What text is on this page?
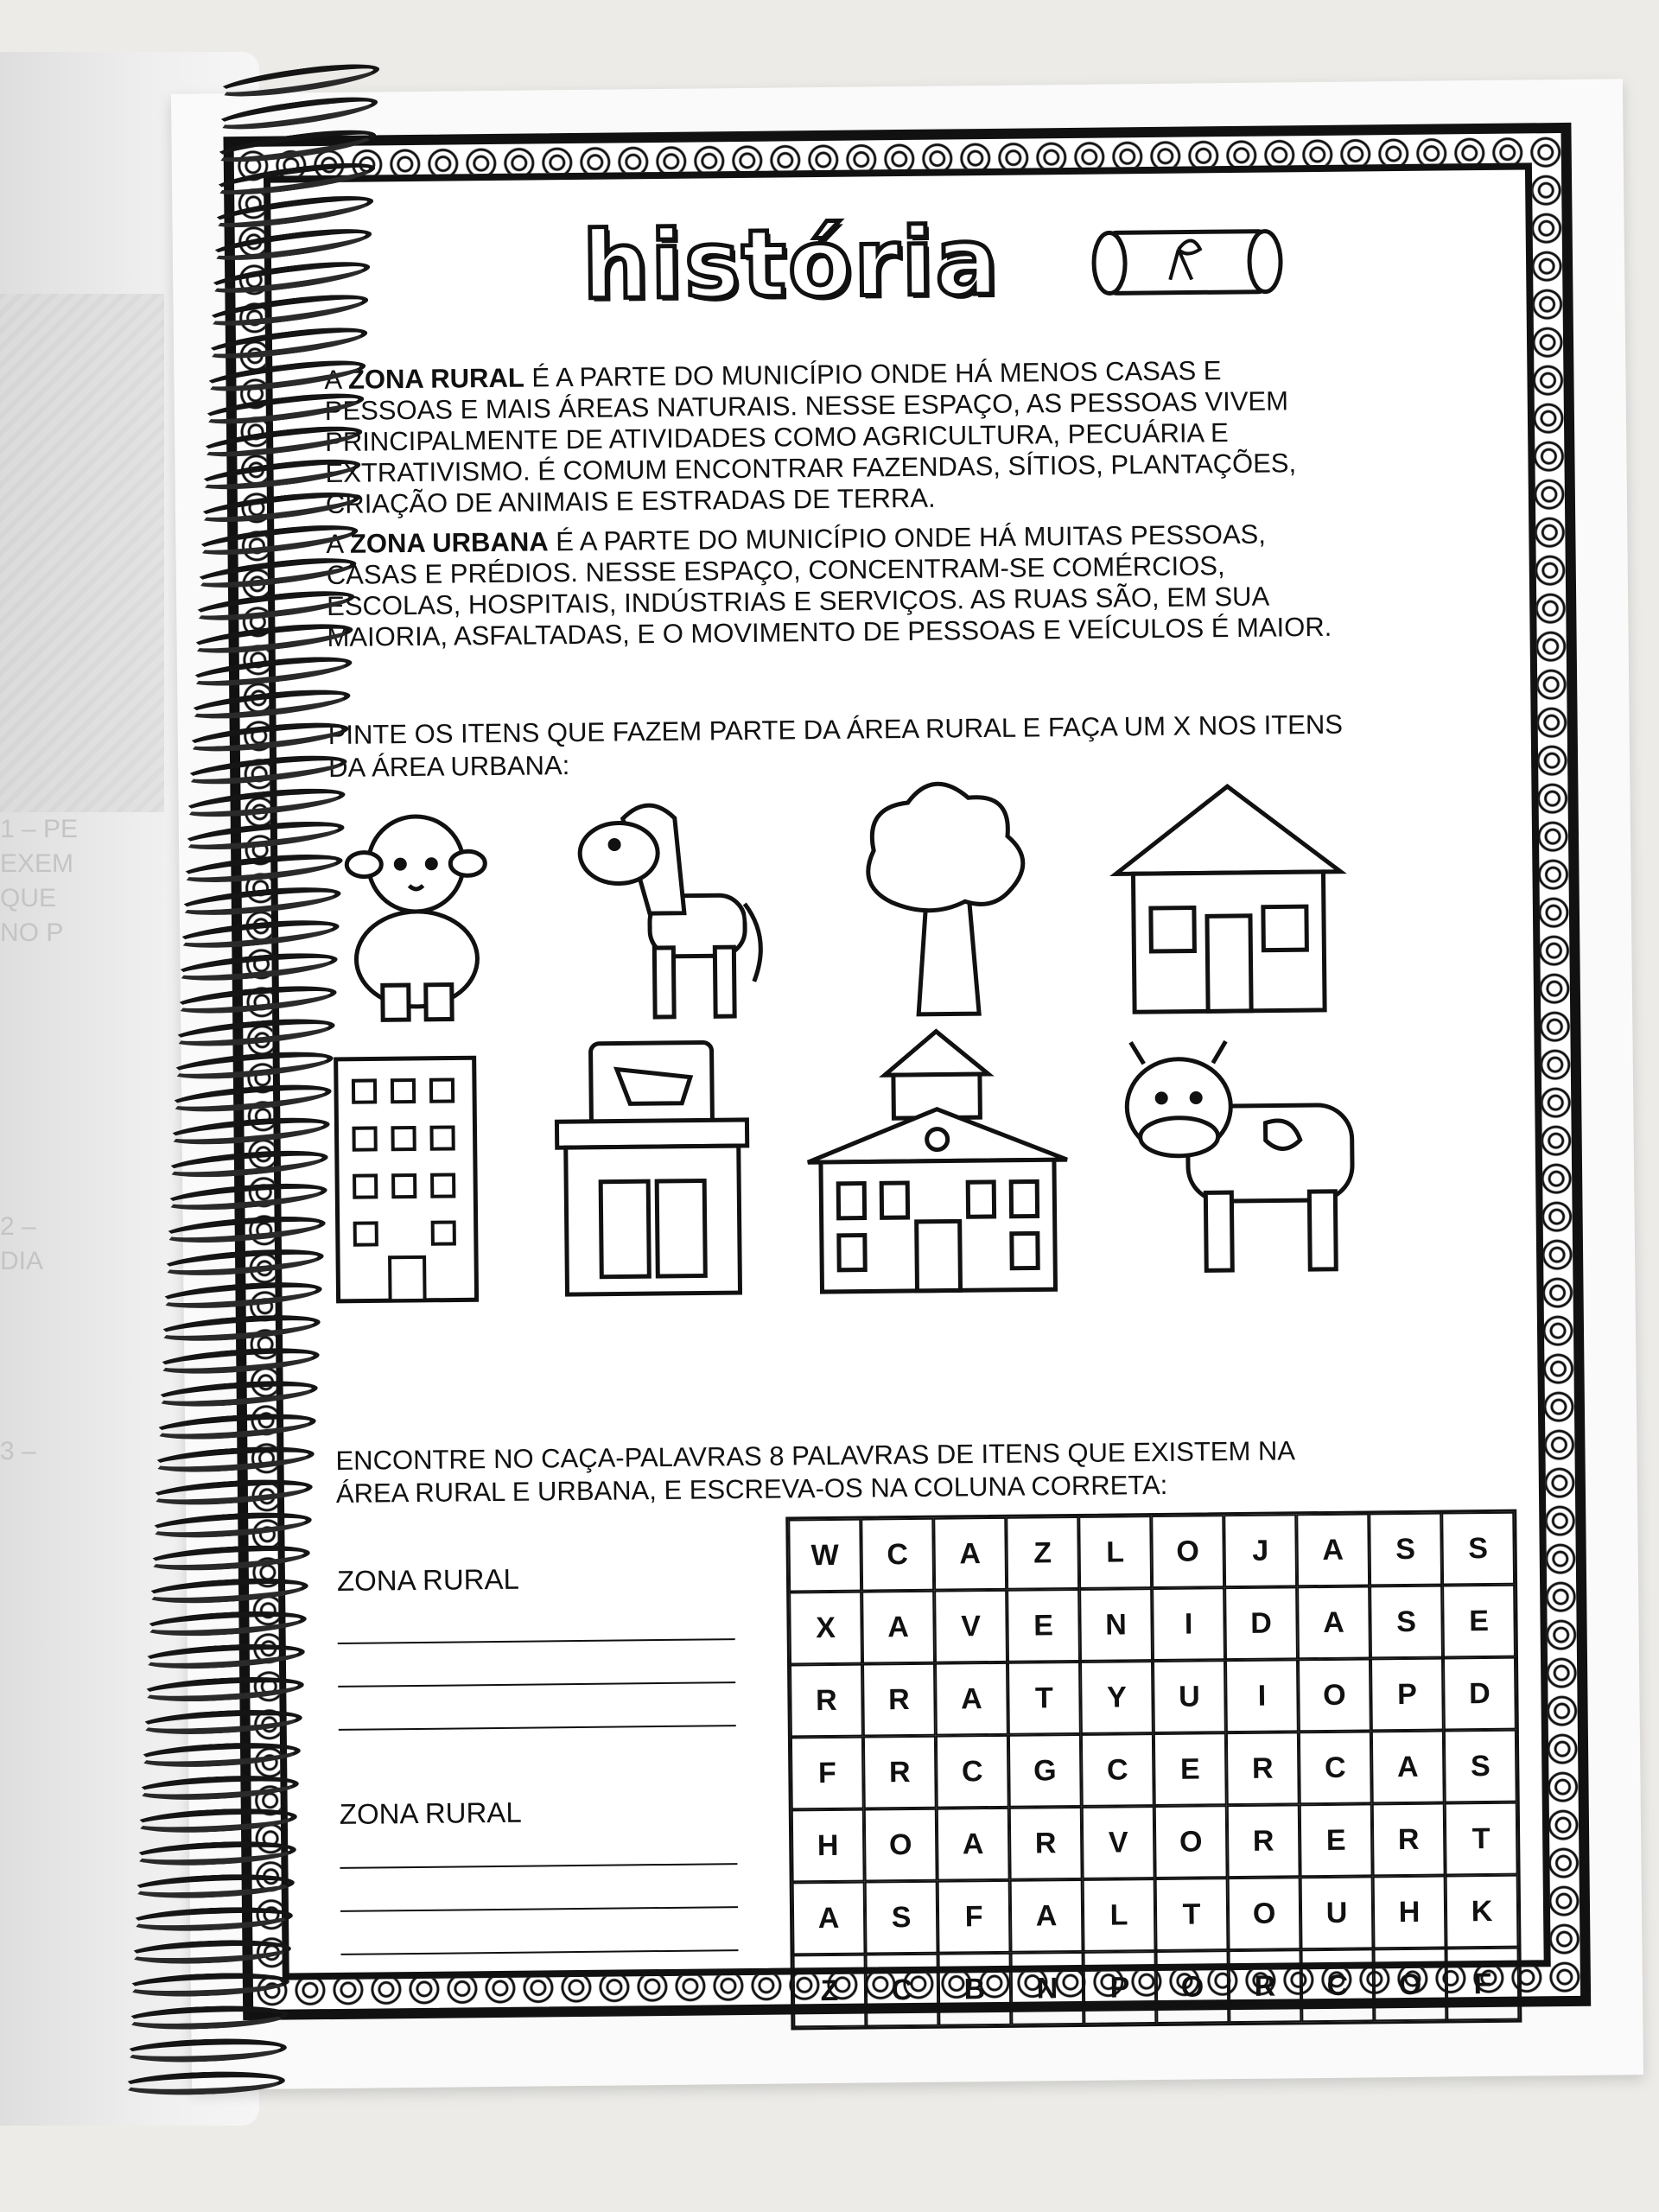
1 – PE
EXEM
QUE
NO P
2 –
DIA
3 –
história

A ZONA RURAL É A PARTE DO MUNICÍPIO ONDE HÁ MENOS CASAS E PESSOAS E MAIS ÁREAS NATURAIS. NESSE ESPAÇO, AS PESSOAS VIVEM PRINCIPALMENTE DE ATIVIDADES COMO AGRICULTURA, PECUÁRIA E EXTRATIVISMO. É COMUM ENCONTRAR FAZENDAS, SÍTIOS, PLANTAÇÕES, CRIAÇÃO DE ANIMAIS E ESTRADAS DE TERRA.

A ZONA URBANA É A PARTE DO MUNICÍPIO ONDE HÁ MUITAS PESSOAS, CASAS E PRÉDIOS. NESSE ESPAÇO, CONCENTRAM-SE COMÉRCIOS, ESCOLAS, HOSPITAIS, INDÚSTRIAS E SERVIÇOS. AS RUAS SÃO, EM SUA MAIORIA, ASFALTADAS, E O MOVIMENTO DE PESSOAS E VEÍCULOS É MAIOR.

PINTE OS ITENS QUE FAZEM PARTE DA ÁREA RURAL E FAÇA UM X NOS ITENS DA ÁREA URBANA:

ENCONTRE NO CAÇA-PALAVRAS 8 PALAVRAS DE ITENS QUE EXISTEM NA ÁREA RURAL E URBANA, E ESCREVA-OS NA COLUNA CORRETA:

ZONA RURAL
ZONA RURAL
W	C	A	Z	L	O	J	A	S	S
X	A	V	E	N	I	D	A	S	E
R	R	A	T	Y	U	I	O	P	D
F	R	C	G	C	E	R	C	A	S
H	O	A	R	V	O	R	E	R	T
A	S	F	A	L	T	O	U	H	K
Z	C	B	N	P	O	R	C	O	F
